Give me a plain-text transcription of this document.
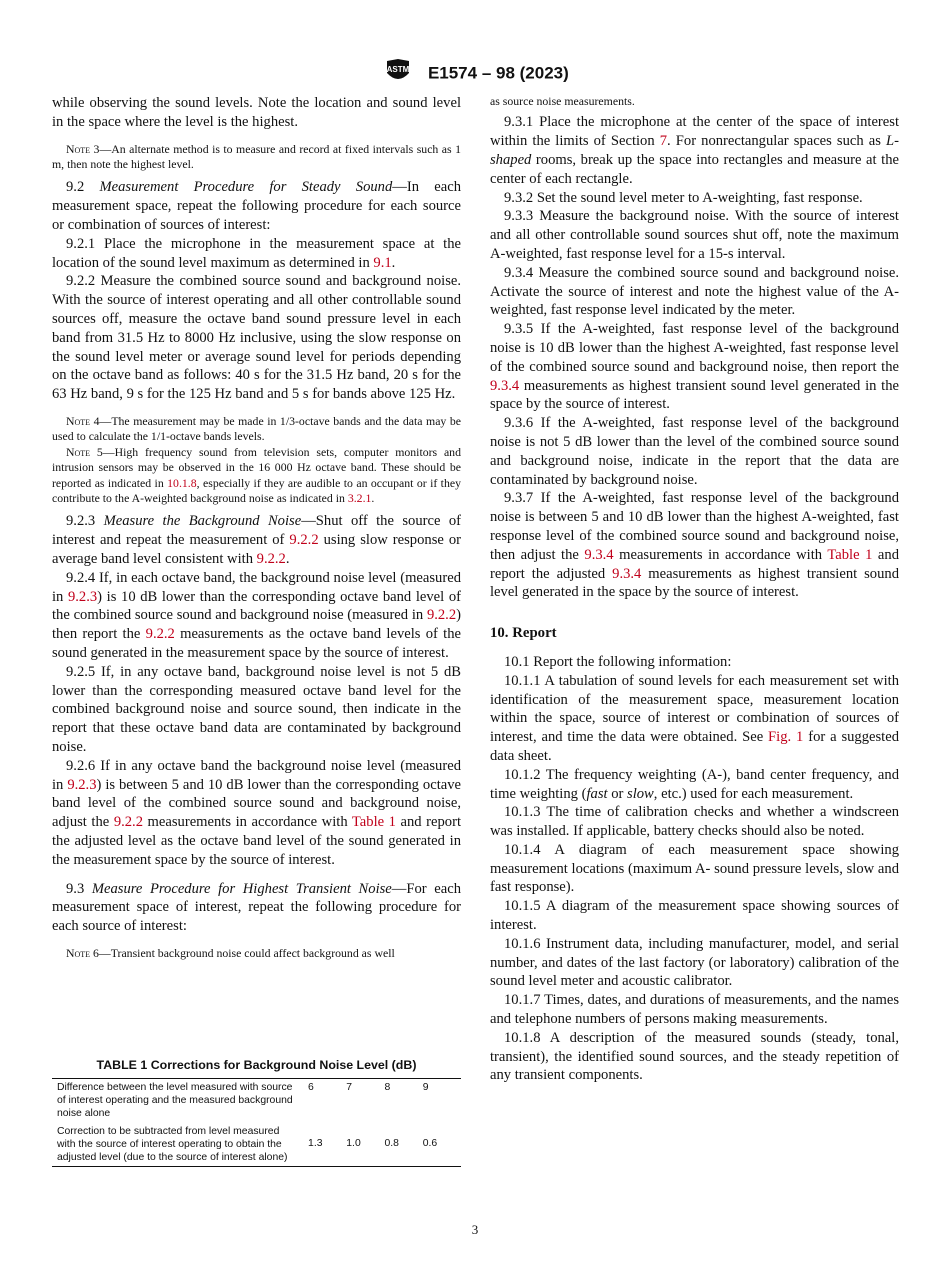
ASTM E1574 – 98 (2023)

while observing the sound levels. Note the location and sound level in the space where the level is the highest.

Note 3—An alternate method is to measure and record at fixed intervals such as 1 m, then note the highest level.

9.2 Measurement Procedure for Steady Sound—In each measurement space, repeat the following procedure for each source or combination of sources of interest:

9.2.1 Place the microphone in the measurement space at the location of the sound level maximum as determined in 9.1.

9.2.2 Measure the combined source sound and background noise. With the source of interest operating and all other controllable sound sources off, measure the octave band sound pressure level in each band from 31.5 Hz to 8000 Hz inclusive, using the slow response on the sound level meter or average sound level for periods depending on the octave band as follows: 40 s for the 31.5 Hz band, 20 s for the 63 Hz band, 9 s for the 125 Hz band and 5 s for bands above 125 Hz.

Note 4—The measurement may be made in 1/3-octave bands and the data may be used to calculate the 1/1-octave bands levels.

Note 5—High frequency sound from television sets, computer monitors and intrusion sensors may be observed in the 16 000 Hz octave band. These should be reported as indicated in 10.1.8, especially if they are audible to an occupant or if they contribute to the A-weighted background noise as indicated in 3.2.1.

9.2.3 Measure the Background Noise—Shut off the source of interest and repeat the measurement of 9.2.2 using slow response or average band level consistent with 9.2.2.

9.2.4 If, in each octave band, the background noise level (measured in 9.2.3) is 10 dB lower than the corresponding octave band level of the combined source sound and background noise (measured in 9.2.2) then report the 9.2.2 measurements as the octave band levels of the sound generated in the measurement space by the source of interest.

9.2.5 If, in any octave band, background noise level is not 5 dB lower than the corresponding measured octave band level for the combined background noise and source sound, then indicate in the report that these octave band data are contaminated by background noise.

9.2.6 If in any octave band the background noise level (measured in 9.2.3) is between 5 and 10 dB lower than the corresponding octave band level of the combined source sound and background noise, adjust the 9.2.2 measurements in accordance with Table 1 and report the adjusted level as the octave band level of the sound generated in the measurement space by the source of interest.

9.3 Measure Procedure for Highest Transient Noise—For each measurement space of interest, repeat the following procedure for each source of interest:

Note 6—Transient background noise could affect background as well

TABLE 1 Corrections for Background Noise Level (dB)
Difference between the level measured with source of interest operating and the measured background noise alone	6	7	8	9
Correction to be subtracted from level measured with the source of interest operating to obtain the adjusted level (due to the source of interest alone)	1.3	1.0	0.8	0.6

as source noise measurements.

9.3.1 Place the microphone at the center of the space of interest within the limits of Section 7. For nonrectangular spaces such as L-shaped rooms, break up the space into rectangles and measure at the center of each rectangle.

9.3.2 Set the sound level meter to A-weighting, fast response.

9.3.3 Measure the background noise. With the source of interest and all other controllable sound sources shut off, note the maximum A-weighted, fast response level for a 15-s interval.

9.3.4 Measure the combined source sound and background noise. Activate the source of interest and note the highest value of the A-weighted, fast response level indicated by the meter.

9.3.5 If the A-weighted, fast response level of the background noise is 10 dB lower than the highest A-weighted, fast response level of the combined source sound and background noise, then report the 9.3.4 measurements as highest transient sound level generated in the space by the source of interest.

9.3.6 If the A-weighted, fast response level of the background noise is not 5 dB lower than the level of the combined source sound and background noise, indicate in the report that the data are contaminated by background noise.

9.3.7 If the A-weighted, fast response level of the background noise is between 5 and 10 dB lower than the highest A-weighted, fast response level of the combined source sound and background noise, then adjust the 9.3.4 measurements in accordance with Table 1 and report the adjusted 9.3.4 measurements as highest transient sound level generated in the space by the source of interest.

10. Report

10.1 Report the following information:

10.1.1 A tabulation of sound levels for each measurement set with identification of the measurement space, measurement location within the space, source of interest or combination of sources of interest, and time the data were obtained. See Fig. 1 for a suggested data sheet.

10.1.2 The frequency weighting (A-), band center frequency, and time weighting (fast or slow, etc.) used for each measurement.

10.1.3 The time of calibration checks and whether a windscreen was installed. If applicable, battery checks should also be noted.

10.1.4 A diagram of each measurement space showing measurement locations (maximum A- sound pressure levels, slow and fast response).

10.1.5 A diagram of the measurement space showing sources of interest.

10.1.6 Instrument data, including manufacturer, model, and serial number, and dates of the last factory (or laboratory) calibration of the sound level meter and acoustic calibrator.

10.1.7 Times, dates, and durations of measurements, and the names and telephone numbers of persons making measurements.

10.1.8 A description of the measured sounds (steady, tonal, transient), the identified sound sources, and the steady repetition of any transient components.

3
